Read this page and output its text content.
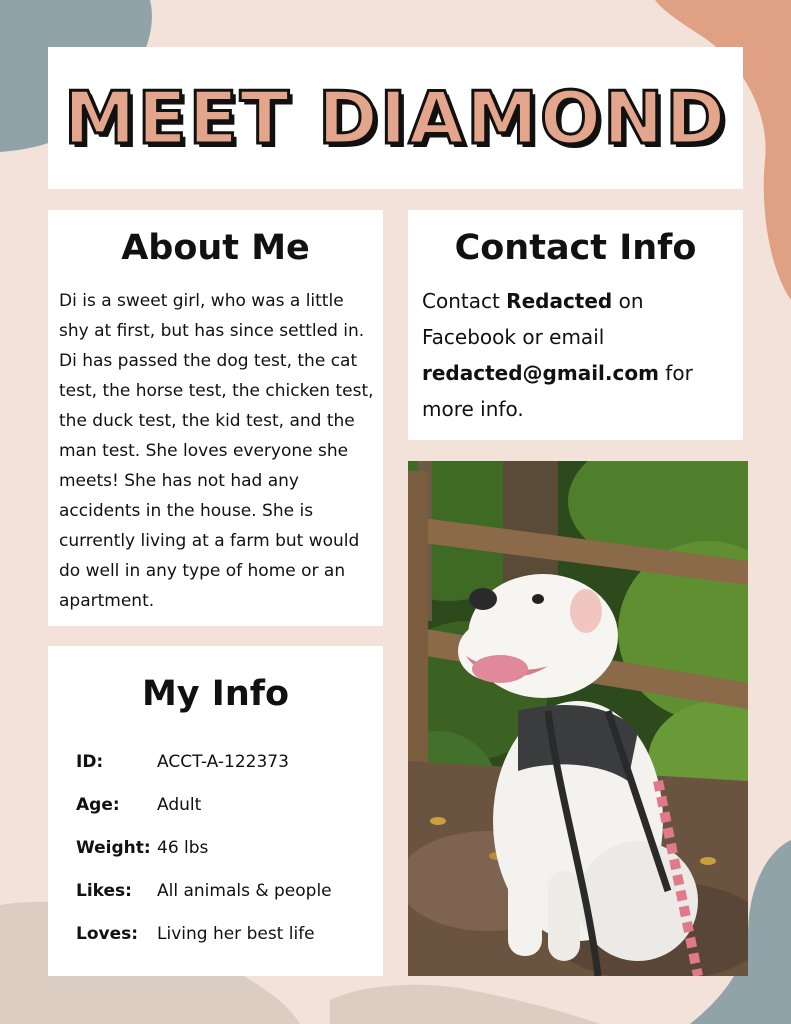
MEET DIAMOND
About Me
Di is a sweet girl, who was a little shy at first, but has since settled in. Di has passed the dog test, the cat test, the horse test, the chicken test, the duck test, the kid test, and the man test. She loves everyone she meets! She has not had any accidents in the house. She is currently living at a farm but would do well in any type of home or an apartment.
Contact Info
Contact Redacted on Facebook or email redacted@gmail.com for more info.
My Info
ID:	ACCT-A-122373
Age: Adult
Weight: 46 lbs
Likes: All animals & people
Loves: Living her best life
